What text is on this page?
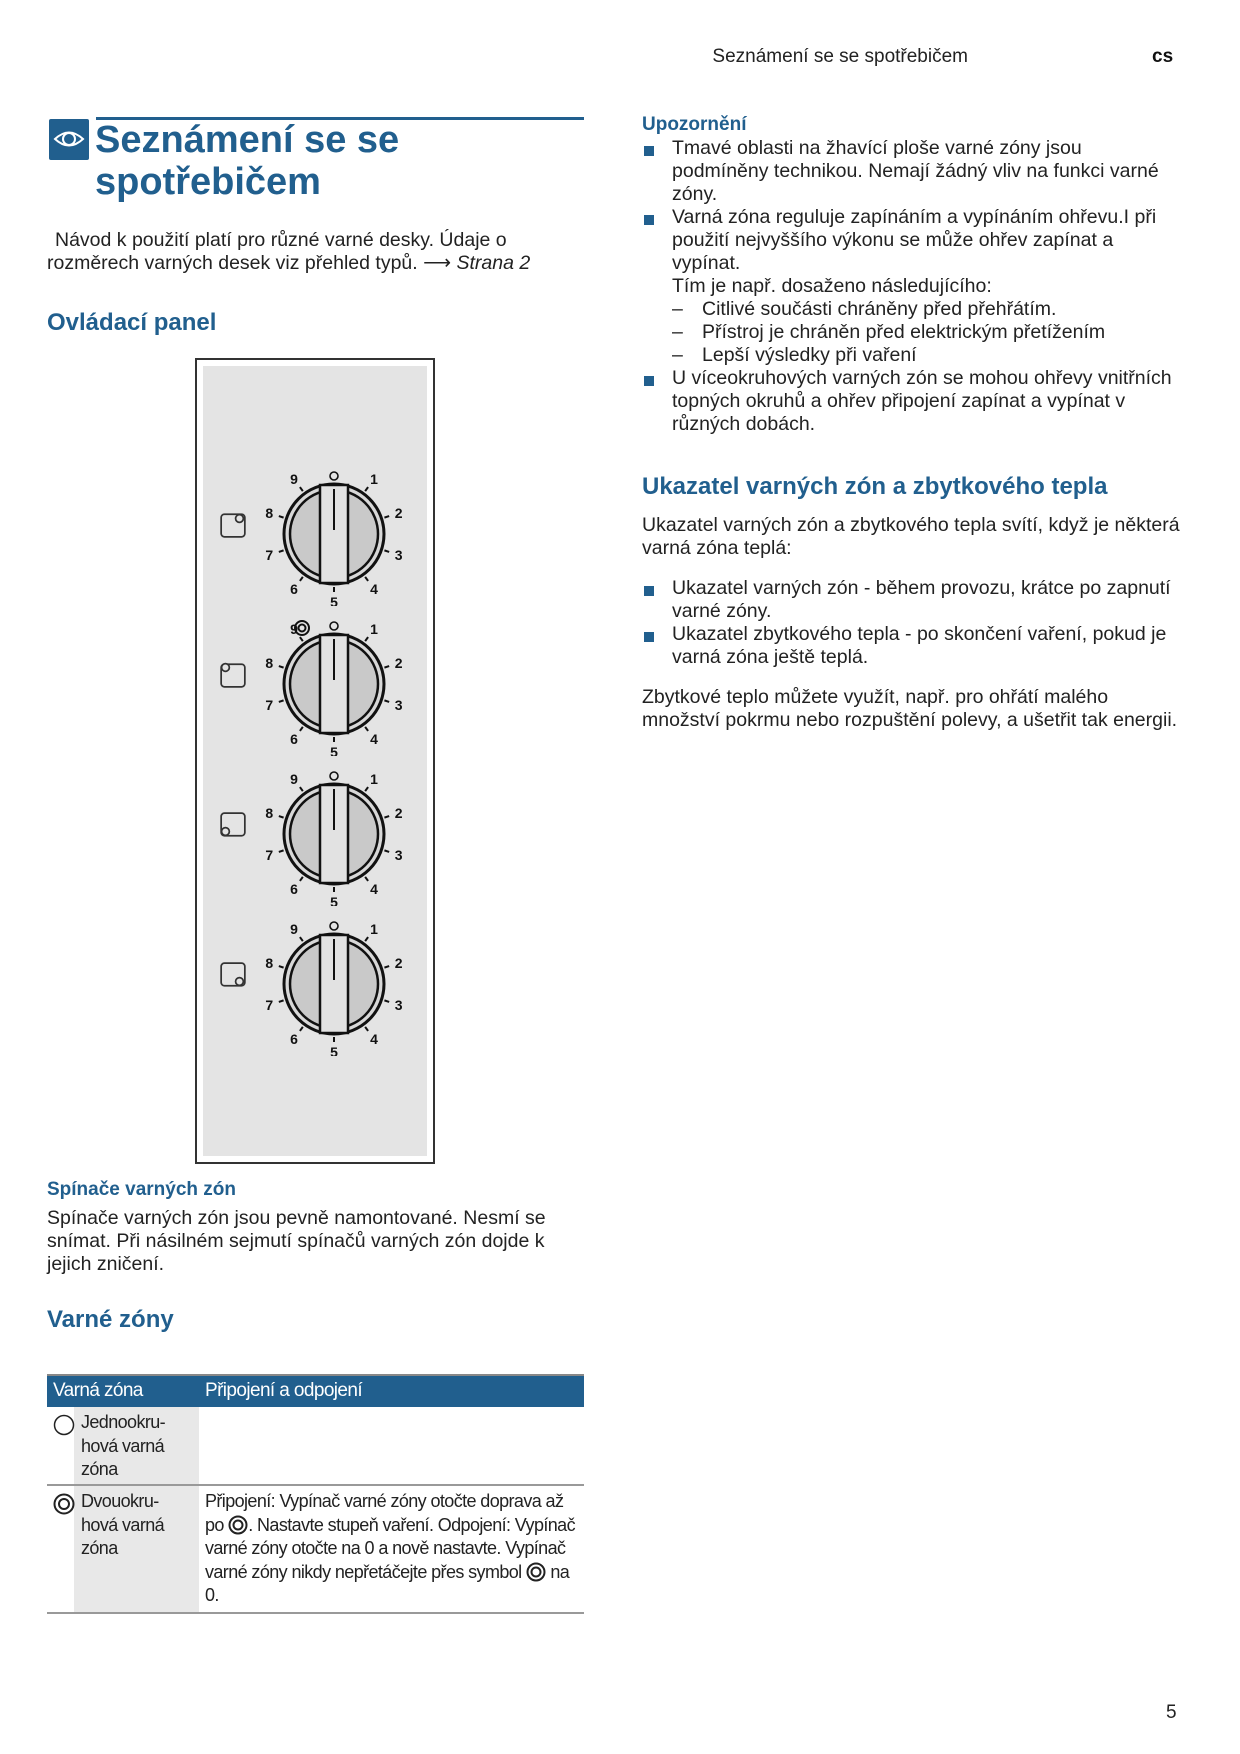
Seznámení se se spotřebičem	cs
Seznámení se se spotřebičem
Návod k použití platí pro různé varné desky. Údaje o rozměrech varných desek viz přehled typů. ⟶ Strana 2
Ovládací panel
1
2
3
4
5
6
7
8
9
1
2
3
4
5
6
7
8
9
1
2
3
4
5
6
7
8
9
1
2
3
4
5
6
7
8
9
Spínače varných zón
Spínače varných zón jsou pevně namontované. Nesmí se snímat. Při násilném sejmutí spínačů varných zón dojde k jejich zničení.
Varné zóny
Varná zóna	Připojení a odpojení

Jednookru-hová varná zóna	

Dvouokru-hová varná zóna	Připojení: Vypínač varné zóny otočte doprava až po . Nastavte stupeň vaření. Odpojení: Vypínač varné zóny otočte na 0 a nově nastavte. Vypínač varné zóny nikdy nepřetáčejte přes symbol  na 0.
Upozornění
Tmavé oblasti na žhavící ploše varné zóny jsou podmíněny technikou. Nemají žádný vliv na funkci varné zóny.
Varná zóna reguluje zapínáním a vypínáním ohřevu.I při použití nejvyššího výkonu se může ohřev zapínat a vypínat.
Tím je např. dosaženo následujícího:
– Citlivé součásti chráněny před přehřátím.
– Přístroj je chráněn před elektrickým přetížením
– Lepší výsledky při vaření
U víceokruhových varných zón se mohou ohřevy vnitřních topných okruhů a ohřev připojení zapínat a vypínat v různých dobách.
Ukazatel varných zón a zbytkového tepla
Ukazatel varných zón a zbytkového tepla svítí, když je některá varná zóna teplá:
Ukazatel varných zón - během provozu, krátce po zapnutí varné zóny.
Ukazatel zbytkového tepla - po skončení vaření, pokud je varná zóna ještě teplá.
Zbytkové teplo můžete využít, např. pro ohřátí malého množství pokrmu nebo rozpuštění polevy, a ušetřit tak energii.
5
